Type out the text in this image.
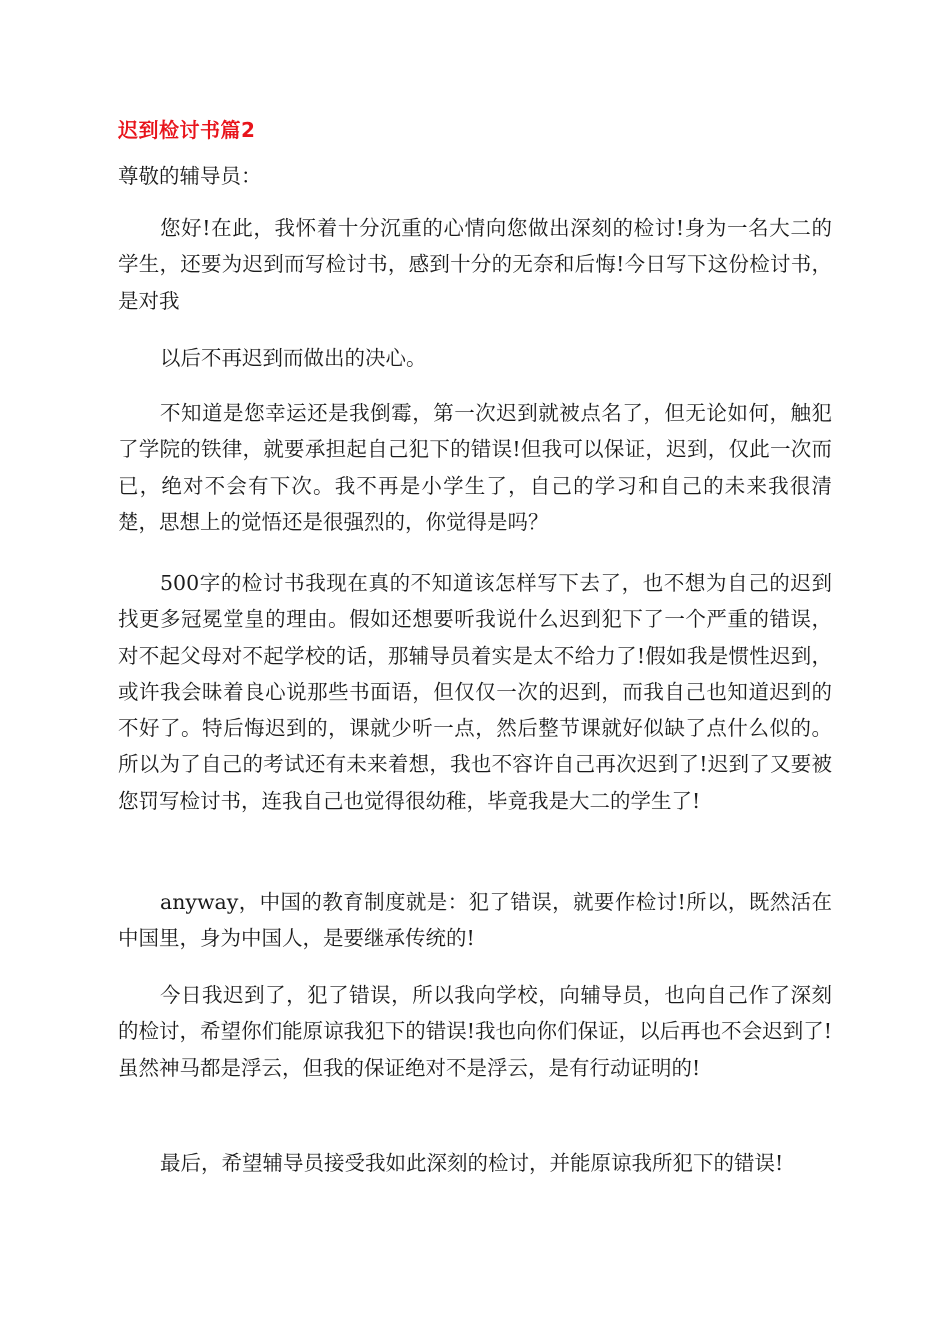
迟到检讨书篇2
尊敬的辅导员：
您好!在此，我怀着十分沉重的心情向您做出深刻的检讨!身为一名大二的学生，还要为迟到而写检讨书，感到十分的无奈和后悔!今日写下这份检讨书，是对我
以后不再迟到而做出的决心。
不知道是您幸运还是我倒霉，第一次迟到就被点名了，但无论如何，触犯了学院的铁律，就要承担起自己犯下的错误!但我可以保证，迟到，仅此一次而已，绝对不会有下次。我不再是小学生了，自己的学习和自己的未来我很清楚，思想上的觉悟还是很强烈的，你觉得是吗？
500字的检讨书我现在真的不知道该怎样写下去了，也不想为自己的迟到找更多冠冕堂皇的理由。假如还想要听我说什么迟到犯下了一个严重的错误，对不起父母对不起学校的话，那辅导员着实是太不给力了!假如我是惯性迟到，或许我会昧着良心说那些书面语，但仅仅一次的迟到，而我自己也知道迟到的不好了。特后悔迟到的，课就少听一点，然后整节课就好似缺了点什么似的。所以为了自己的考试还有未来着想，我也不容许自己再次迟到了!迟到了又要被您罚写检讨书，连我自己也觉得很幼稚，毕竟我是大二的学生了!
anyway，中国的教育制度就是：犯了错误，就要作检讨!所以，既然活在中国里，身为中国人，是要继承传统的!
今日我迟到了，犯了错误，所以我向学校，向辅导员，也向自己作了深刻的检讨，希望你们能原谅我犯下的错误!我也向你们保证，以后再也不会迟到了!虽然神马都是浮云，但我的保证绝对不是浮云，是有行动证明的!
最后，希望辅导员接受我如此深刻的检讨，并能原谅我所犯下的错误!
